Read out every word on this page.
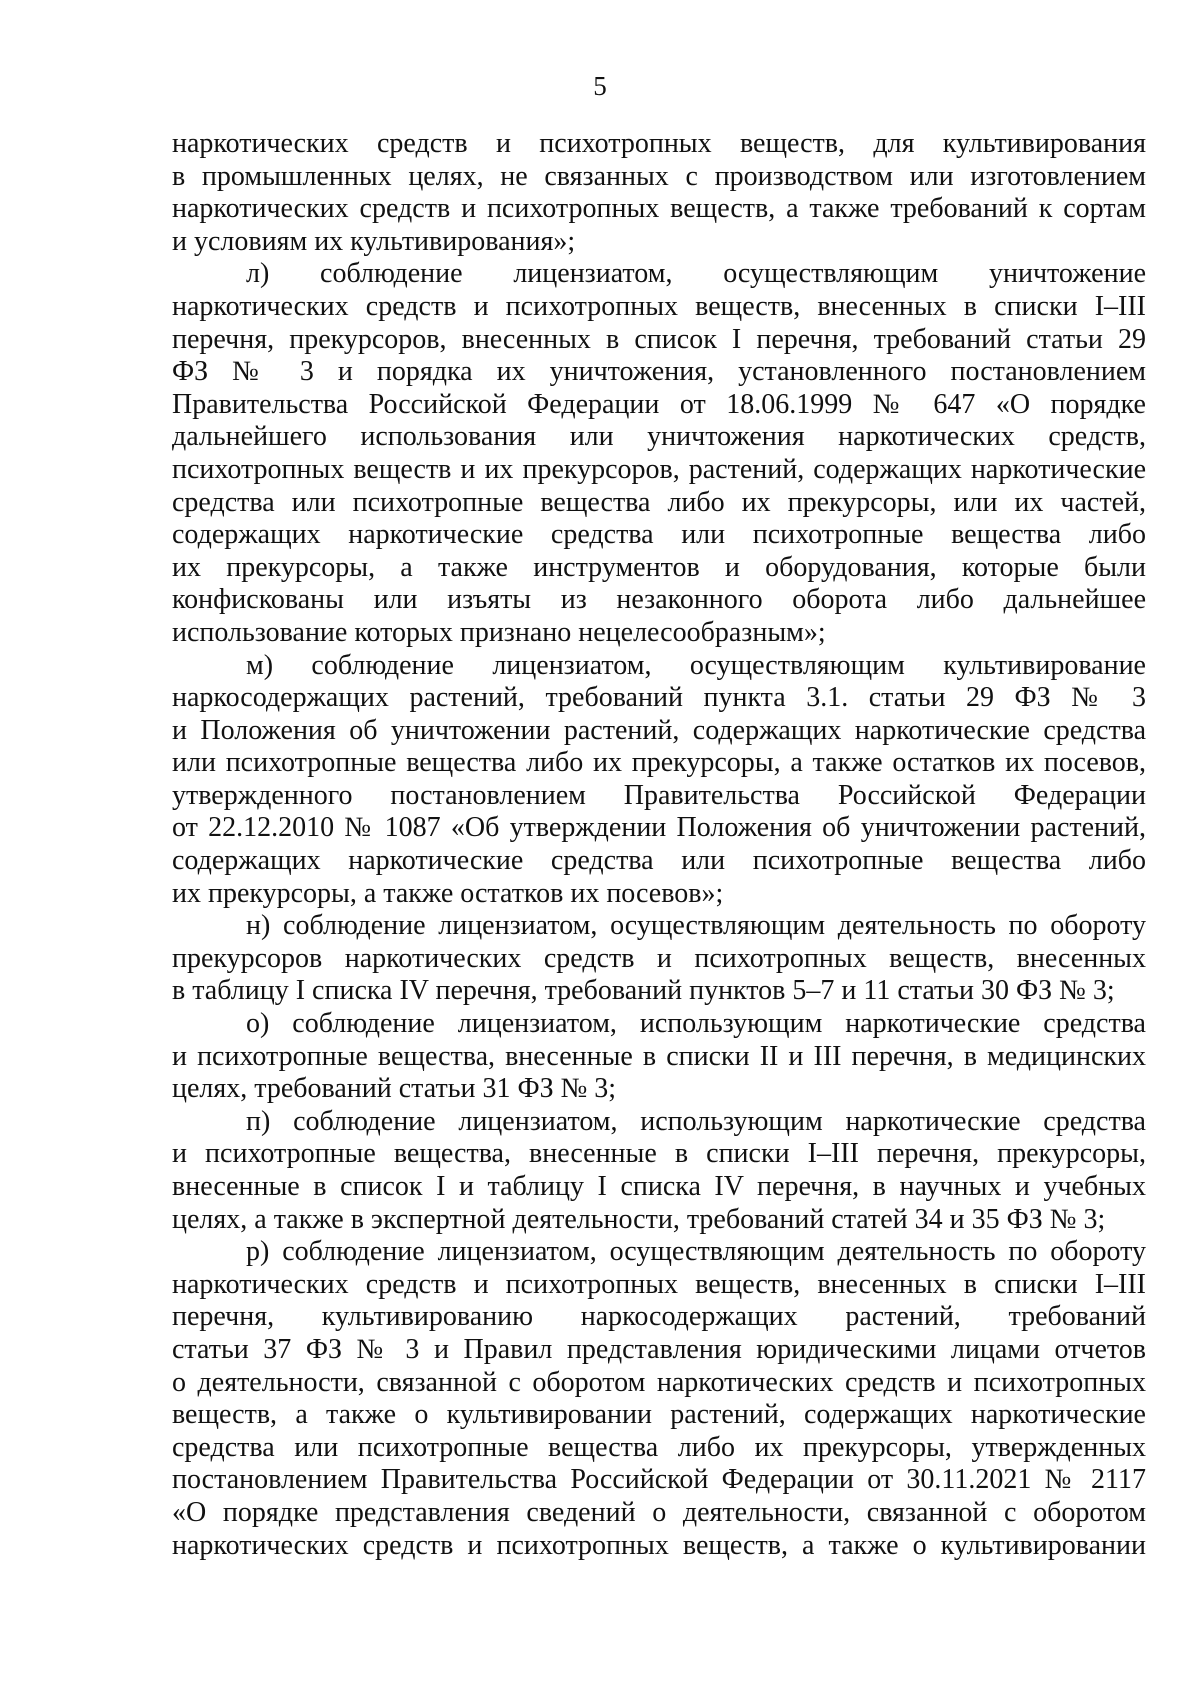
5
наркотических средств и психотропных веществ, для культивирования
в промышленных целях, не связанных с производством или изготовлением
наркотических средств и психотропных веществ, а также требований к сортам
и условиям их культивирования»;
л) соблюдение лицензиатом, осуществляющим уничтожение
наркотических средств и психотропных веществ, внесенных в списки I–III
перечня, прекурсоров, внесенных в список I перечня, требований статьи 29
ФЗ № 3 и порядка их уничтожения, установленного постановлением
Правительства Российской Федерации от 18.06.1999 № 647 «О порядке
дальнейшего использования или уничтожения наркотических средств,
психотропных веществ и их прекурсоров, растений, содержащих наркотические
средства или психотропные вещества либо их прекурсоры, или их частей,
содержащих наркотические средства или психотропные вещества либо
их прекурсоры, а также инструментов и оборудования, которые были
конфискованы или изъяты из незаконного оборота либо дальнейшее
использование которых признано нецелесообразным»;
м) соблюдение лицензиатом, осуществляющим культивирование
наркосодержащих растений, требований пункта 3.1. статьи 29 ФЗ № 3
и Положения об уничтожении растений, содержащих наркотические средства
или психотропные вещества либо их прекурсоры, а также остатков их посевов,
утвержденного постановлением Правительства Российской Федерации
от 22.12.2010 № 1087 «Об утверждении Положения об уничтожении растений,
содержащих наркотические средства или психотропные вещества либо
их прекурсоры, а также остатков их посевов»;
н) соблюдение лицензиатом, осуществляющим деятельность по обороту
прекурсоров наркотических средств и психотропных веществ, внесенных
в таблицу I списка IV перечня, требований пунктов 5–7 и 11 статьи 30 ФЗ № 3;
о) соблюдение лицензиатом, использующим наркотические средства
и психотропные вещества, внесенные в списки II и III перечня, в медицинских
целях, требований статьи 31 ФЗ № 3;
п) соблюдение лицензиатом, использующим наркотические средства
и психотропные вещества, внесенные в списки I–III перечня, прекурсоры,
внесенные в список I и таблицу I списка IV перечня, в научных и учебных
целях, а также в экспертной деятельности, требований статей 34 и 35 ФЗ № 3;
р) соблюдение лицензиатом, осуществляющим деятельность по обороту
наркотических средств и психотропных веществ, внесенных в списки I–III
перечня, культивированию наркосодержащих растений, требований
статьи 37 ФЗ № 3 и Правил представления юридическими лицами отчетов
о деятельности, связанной с оборотом наркотических средств и психотропных
веществ, а также о культивировании растений, содержащих наркотические
средства или психотропные вещества либо их прекурсоры, утвержденных
постановлением Правительства Российской Федерации от 30.11.2021 № 2117
«О порядке представления сведений о деятельности, связанной с оборотом
наркотических средств и психотропных веществ, а также о культивировании
